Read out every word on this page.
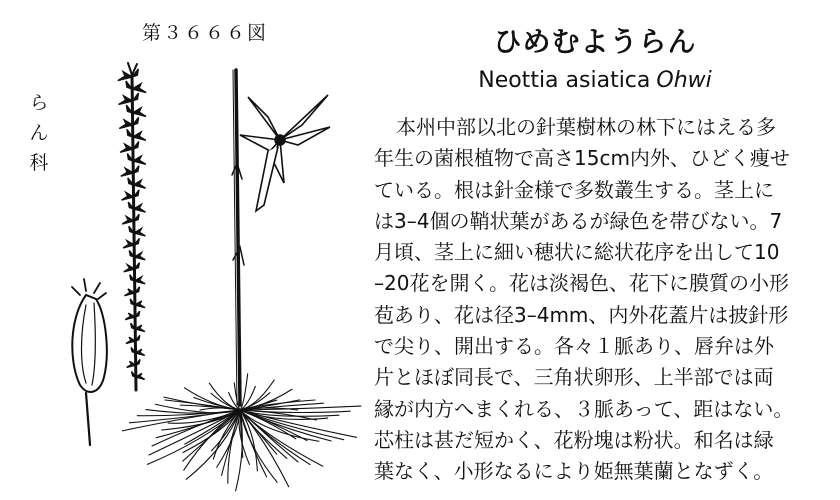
第３６６６図
ら
ん
科
ひめむようらん
Neottia asiatica Ohwi
本州中部以北の針葉樹林の林下にはえる多
年生の菌根植物で高さ15cm内外、ひどく痩せ
ている。根は針金様で多数叢生する。茎上に
は3–4個の鞘状葉があるが緑色を帯びない。7
月頃、茎上に細い穂状に総状花序を出して10
–20花を開く。花は淡褐色、花下に膜質の小形
苞あり、花は径3–4mm、内外花蓋片は披針形
で尖り、開出する。各々１脈あり、唇弁は外
片とほぼ同長で、三角状卵形、上半部では両
縁が内方へまくれる、３脈あって、距はない。
芯柱は甚だ短かく、花粉塊は粉状。和名は緑
葉なく、小形なるにより姫無葉蘭となずく。
